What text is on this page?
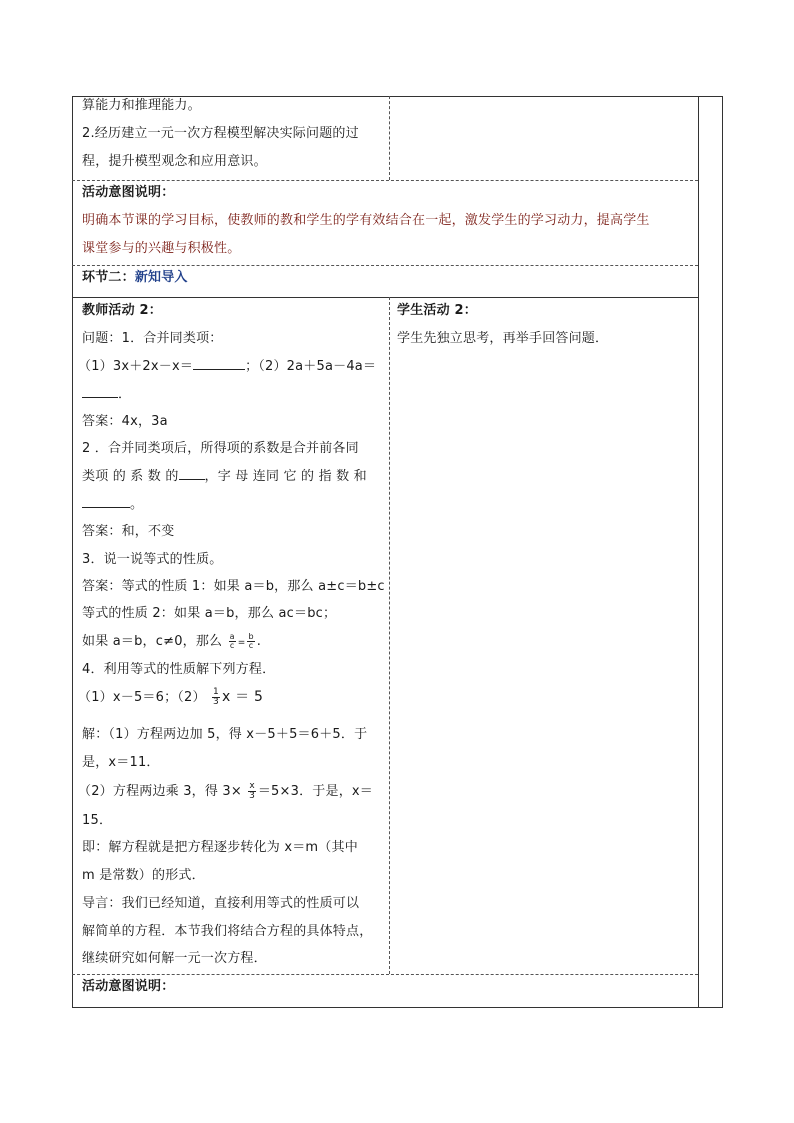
算能力和推理能力。
2.经历建立一元一次方程模型解决实际问题的过
程，提升模型观念和应用意识。
活动意图说明：
明确本节课的学习目标，使教师的教和学生的学有效结合在一起，激发学生的学习动力，提高学生
课堂参与的兴趣与积极性。
环节二：新知导入
教师活动 2：
问题：1．合并同类项：
（1）3x＋2x－x＝	；（2）2a＋5a－4a＝
．
答案：4x，3a
2 ．合并同类项后，所得项的系数是合并前各同
类项 的 系 数 的 ，字 母 连同 它 的 指 数 和
。
答案：和，不变
3．说一说等式的性质。
答案：等式的性质 1：如果 a＝b，那么 a±c＝b±c
等式的性质 2：如果 a＝b，那么 ac＝bc；
如果 a＝b，c≠0，那么 $\frac{a}{c} = \frac{b}{c}$ .
4．利用等式的性质解下列方程．
（1）x－5＝6；$(2) \frac{1}{3}$ x ＝ 5
解：（1）方程两边加 5，得 x－5＋5＝6＋5．于
是，x＝11．
（2）方程两边乘 3，得 $3\times \frac{x}{3} =5\times 3$．于是，x＝
15．
即：解方程就是把方程逐步转化为 x＝m（其中
m 是常数）的形式．
导言：我们已经知道，直接利用等式的性质可以
解简单的方程．本节我们将结合方程的具体特点，
继续研究如何解一元一次方程．
学生活动 2：
学生先独立思考，再举手回答问题．
活动意图说明：
